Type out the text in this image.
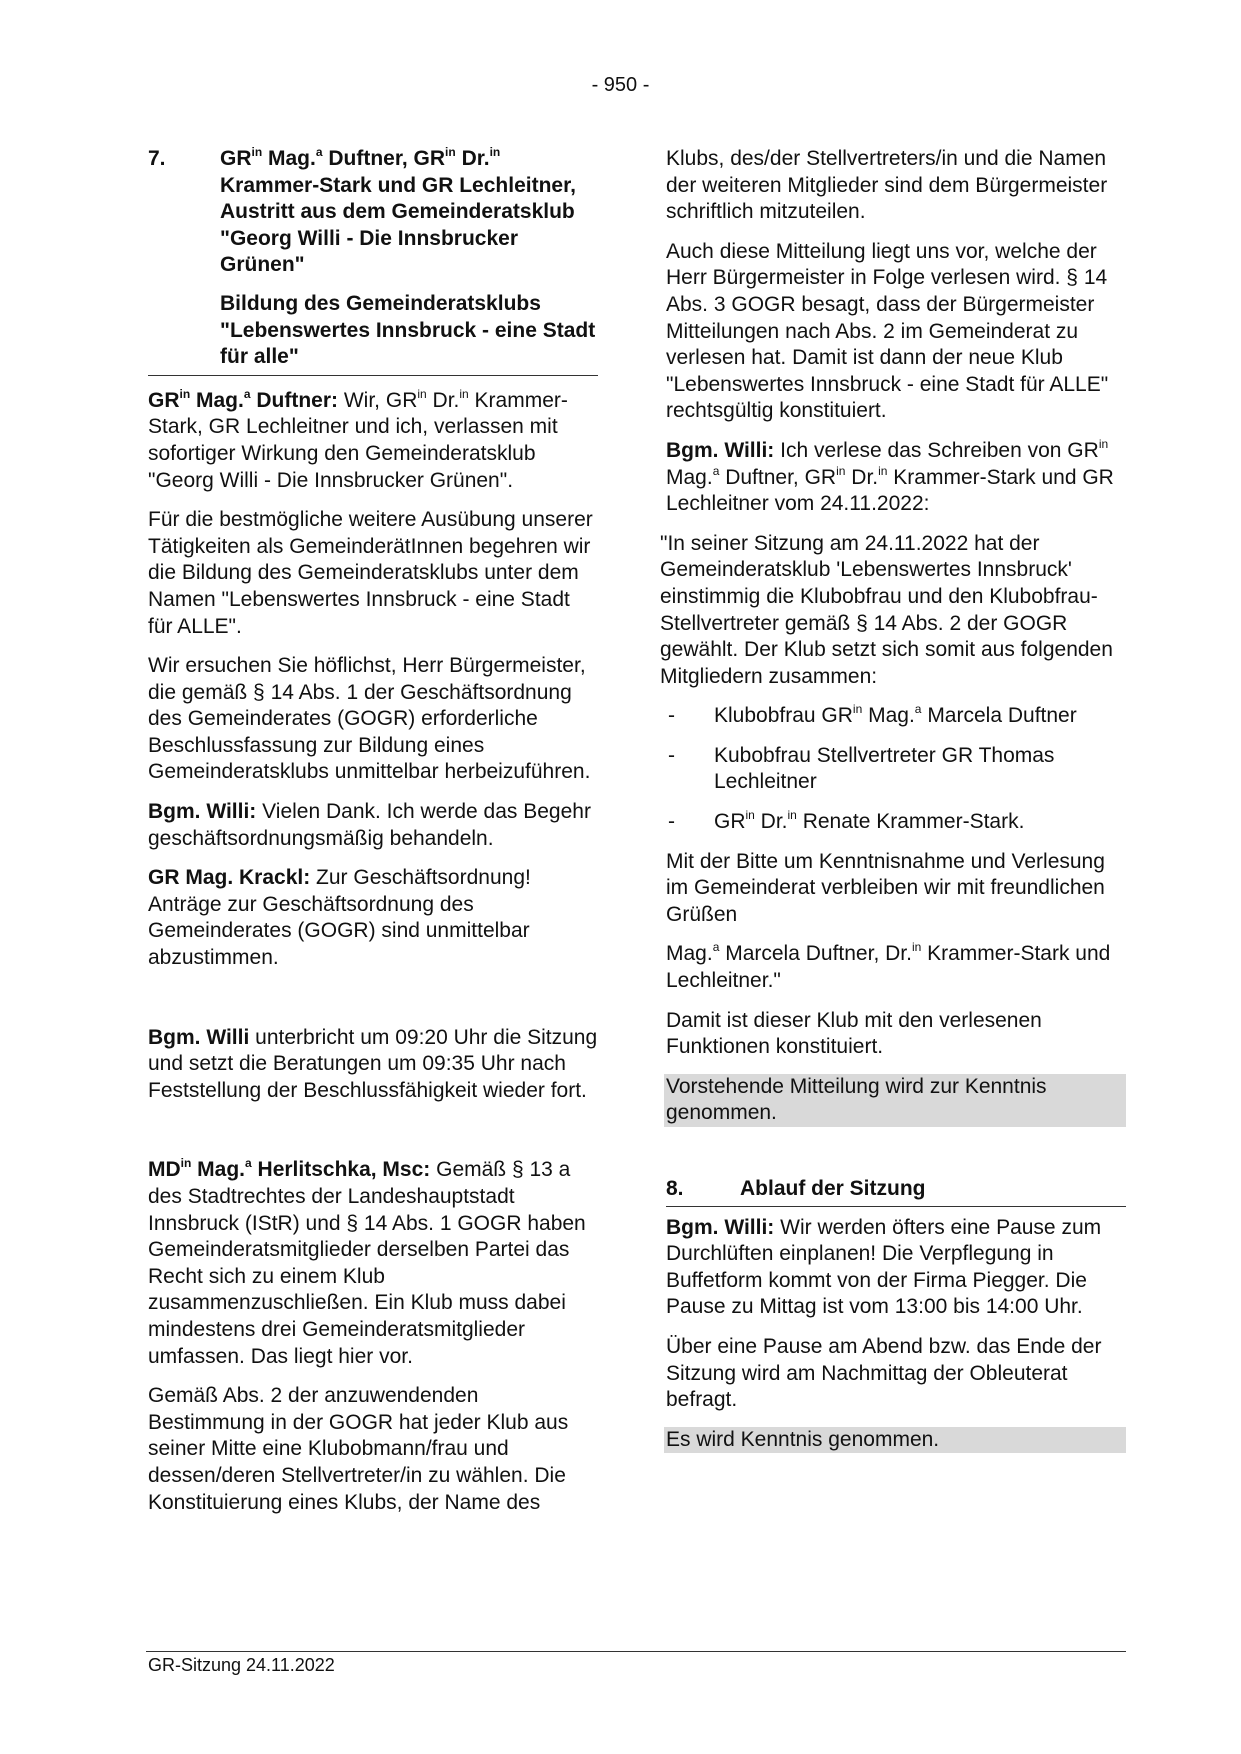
- 950 -
7.	$GR^{in}$ Mag.$^a$ Duftner, $GR^{in}$ Dr.$^{in}$ Krammer-Stark und GR Lechleitner, Austritt aus dem Gemeinderatsklub "Georg Willi - Die Innsbrucker Grünen"
Bildung des Gemeinderatsklubs "Lebenswertes Innsbruck - eine Stadt für alle"

$GR^{in}$ Mag.$^a$ Duftner: Wir, $GR^{in}$ Dr.$^{in}$ Krammer-Stark, GR Lechleitner und ich, verlassen mit sofortiger Wirkung den Gemeinderatsklub "Georg Willi - Die Innsbrucker Grünen".

Für die bestmögliche weitere Ausübung unserer Tätigkeiten als GemeinderätInnen begehren wir die Bildung des Gemeinderatsklubs unter dem Namen "Lebenswertes Innsbruck - eine Stadt für ALLE".

Wir ersuchen Sie höflichst, Herr Bürgermeister, die gemäß § 14 Abs. 1 der Geschäftsordnung des Gemeinderates (GOGR) erforderliche Beschlussfassung zur Bildung eines Gemeinderatsklubs unmittelbar herbeizuführen.

Bgm. Willi: Vielen Dank. Ich werde das Begehr geschäftsordnungsmäßig behandeln.

GR Mag. Krackl: Zur Geschäftsordnung! Anträge zur Geschäftsordnung des Gemeinderates (GOGR) sind unmittelbar abzustimmen.

Bgm. Willi unterbricht um 09:20 Uhr die Sitzung und setzt die Beratungen um 09:35 Uhr nach Feststellung der Beschlussfähigkeit wieder fort.

$MD^{in}$ Mag.$^a$ Herlitschka, Msc: Gemäß § 13 a des Stadtrechtes der Landeshauptstadt Innsbruck (IStR) und § 14 Abs. 1 GOGR haben Gemeinderatsmitglieder derselben Partei das Recht sich zu einem Klub zusammenzuschließen. Ein Klub muss dabei mindestens drei Gemeinderatsmitglieder umfassen. Das liegt hier vor.

Gemäß Abs. 2 der anzuwendenden Bestimmung in der GOGR hat jeder Klub aus seiner Mitte eine Klubobmann/frau und dessen/deren Stellvertreter/in zu wählen. Die Konstituierung eines Klubs, der Name des

Klubs, des/der Stellvertreters/in und die Namen der weiteren Mitglieder sind dem Bürgermeister schriftlich mitzuteilen.

Auch diese Mitteilung liegt uns vor, welche der Herr Bürgermeister in Folge verlesen wird. § 14 Abs. 3 GOGR besagt, dass der Bürgermeister Mitteilungen nach Abs. 2 im Gemeinderat zu verlesen hat. Damit ist dann der neue Klub "Lebenswertes Innsbruck - eine Stadt für ALLE" rechtsgültig konstituiert.

Bgm. Willi: Ich verlese das Schreiben von $GR^{in}$ Mag.$^a$ Duftner, $GR^{in}$ Dr.$^{in}$ Krammer-Stark und GR Lechleitner vom 24.11.2022:

"In seiner Sitzung am 24.11.2022 hat der Gemeinderatsklub 'Lebenswertes Innsbruck' einstimmig die Klubobfrau und den Klubobfrau-Stellvertreter gemäß § 14 Abs. 2 der GOGR gewählt. Der Klub setzt sich somit aus folgenden Mitgliedern zusammen:

- Klubobfrau $GR^{in}$ Mag.$^a$ Marcela Duftner

- Kubobfrau Stellvertreter GR Thomas Lechleitner

- $GR^{in}$ Dr.$^{in}$ Renate Krammer-Stark.

Mit der Bitte um Kenntnisnahme und Verlesung im Gemeinderat verbleiben wir mit freundlichen Grüßen

Mag.$^a$ Marcela Duftner, Dr.$^{in}$ Krammer-Stark und Lechleitner."

Damit ist dieser Klub mit den verlesenen Funktionen konstituiert.

Vorstehende Mitteilung wird zur Kenntnis genommen.

8.	Ablauf der Sitzung

Bgm. Willi: Wir werden öfters eine Pause zum Durchlüften einplanen! Die Verpflegung in Buffetform kommt von der Firma Piegger. Die Pause zu Mittag ist vom 13:00 bis 14:00 Uhr.

Über eine Pause am Abend bzw. das Ende der Sitzung wird am Nachmittag der Obleuterat befragt.

Es wird Kenntnis genommen.

GR-Sitzung 24.11.2022
